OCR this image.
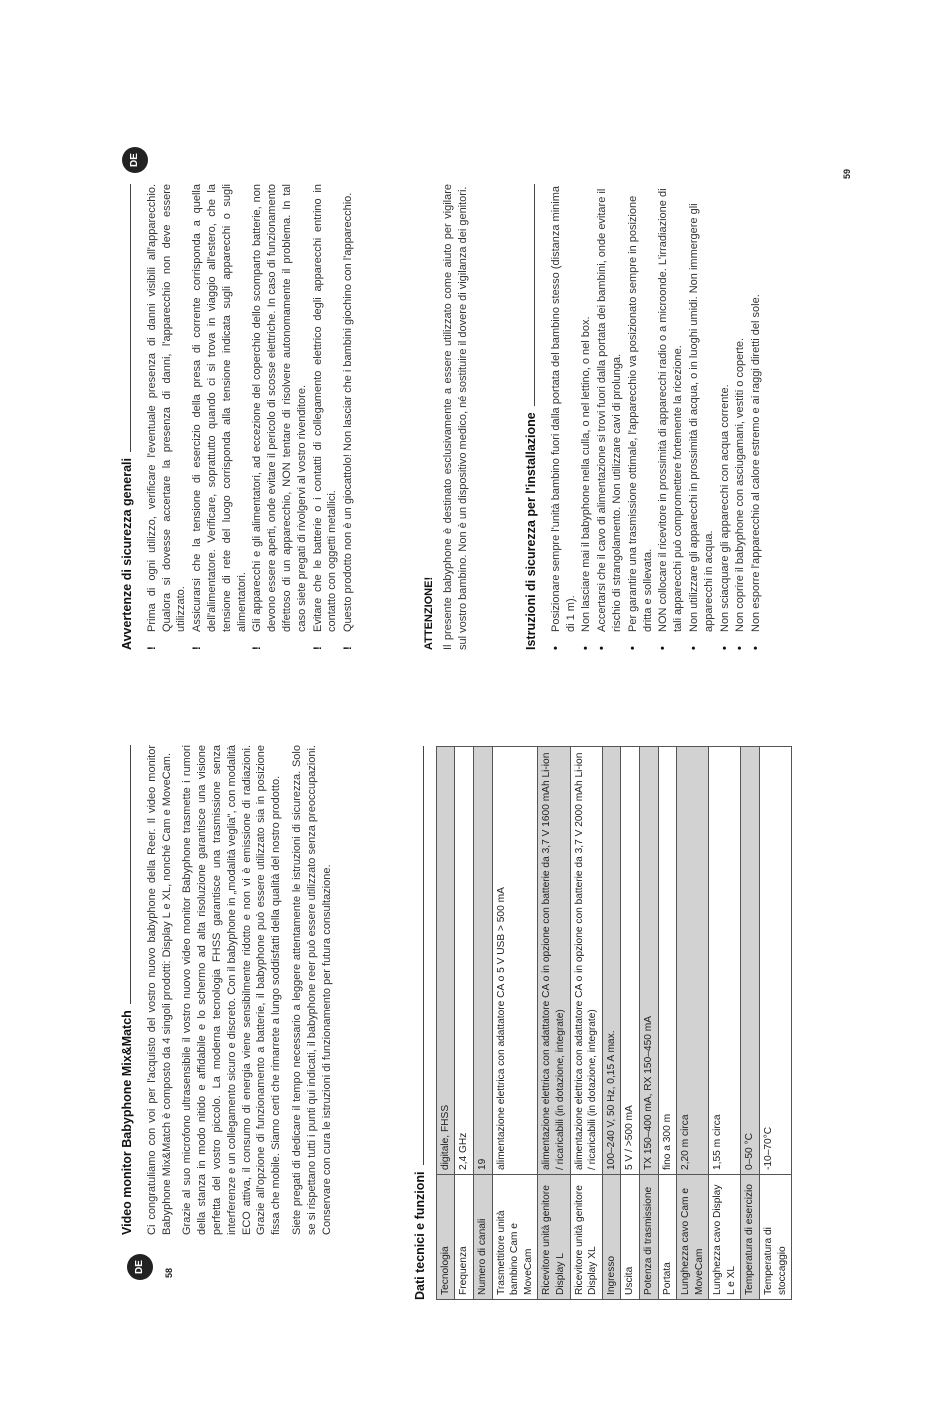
DE	58
Video monitor Babyphone Mix&Match Ci congratuliamo con voi per l'acquisto del vostro nuovo babyphone della Reer. Il video monitor Babyphone Mix&Match è composto da 4 singoli prodotti: Display L e XL, nonché Cam e MoveCam. Grazie al suo microfono ultrasensibile il vostro nuovo video monitor Babyphone trasmette i rumori della stanza in modo nitido e affidabile e lo schermo ad alta risoluzione garantisce una visione perfetta del vostro piccolo. La moderna tecnologia FHSS garantisce una trasmissione senza interferenze e un collegamento sicuro e discreto. Con il babyphone in „modalità veglia", con modalità ECO attiva, il consumo di energia viene sensibilmente ridotto e non vi è emissione di radiazioni. Grazie all'opzione di funzionamento a batterie, il babyphone può essere utilizzato sia in posizione fissa che mobile. Siamo certi che rimarrete a lungo soddisfatti della qualità del nostro prodotto. Siete pregati di dedicare il tempo necessario a leggere attentamente le istruzioni di sicurezza. Solo se si rispettano tutti i punti qui indicati, il babyphone reer può essere utilizzato senza preoccupazioni. Conservare con cura le istruzioni di funzionamento per futura consultazione.

Dati tecnici e funzioni Tecnologia	digitale, FHSS
Frequenza	2,4 GHz
Numero di canali	19
Trasmettitore unità bambino Cam e MoveCam	alimentazione elettrica con adattatore CA o 5 V USB > 500 mA
Ricevitore unità genitore Display L	alimentazione elettrica con adattatore CA o in opzione con batterie da 3,7 V 1600 mAh Li-ion / ricaricabili (in dotazione, integrate)
Ricevitore unità genitore Display XL	alimentazione elettrica con adattatore CA o in opzione con batterie da 3,7 V 2000 mAh Li-ion / ricaricabili (in dotazione, integrate)
Ingresso	100–240 V, 50 Hz, 0,15 A max.
Uscita	5 V / >500 mA
Potenza di trasmissione	TX 150–400 mA, RX 150–450 mA
Portata	fino a 300 m
Lunghezza cavo Cam e MoveCam	2,20 m circa
Lunghezza cavo Display L e XL	1,55 m circa
Temperatura di esercizio	0–50 °C
Temperatura di stoccaggio	-10–70°C
DE
59
Avvertenze di sicurezza generali !
Prima di ogni utilizzo, verificare l'eventuale presenza di danni visibili all'apparecchio. Qualora si dovesse accertare la presenza di danni, l'apparecchio non deve essere utilizzato.
!
Assicurarsi che la tensione di esercizio della presa di corrente corrisponda a quella dell'alimentatore. Verificare, soprattutto quando ci si trova in viaggio all'estero, che la tensione di rete del luogo corrisponda alla tensione indicata sugli apparecchi o sugli alimentatori.
!
Gli apparecchi e gli alimentatori, ad eccezione del coperchio dello scomparto batterie, non devono essere aperti, onde evitare il pericolo di scosse elettriche. In caso di funzionamento difettoso di un apparecchio, NON tentare di risolvere autonomamente il problema. In tal caso siete pregati di rivolgervi al vostro rivenditore.
!
Evitare che le batterie o i contatti di collegamento elettrico degli apparecchi entrino in contatto con oggetti metallici.
!
Questo prodotto non è un giocattolo! Non lasciar che i bambini giochino con l'apparecchio.	ATTENZIONE! Il presente babyphone è destinato esclusivamente a essere utilizzato come aiuto per vigilare sul vostro bambino. Non è un dispositivo medico, né sostituire il dovere di vigilanza dei genitori.	Istruzioni di sicurezza per l'installazione •
Posizionare sempre l'unità bambino fuori dalla portata del bambino stesso (distanza minima di 1 m).
•
Non lasciare mai il babyphone nella culla, o nel lettino, o nel box.
•
Accertarsi che il cavo di alimentazione si trovi fuori dalla portata dei bambini, onde evitare il rischio di strangolamento. Non utilizzare cavi di prolunga.
•
Per garantire una trasmissione ottimale, l'apparecchio va posizionato sempre in posizione dritta e sollevata.
•
NON collocare il ricevitore in prossimità di apparecchi radio o a microonde. L'irradiazione di tali apparecchi può compromettere fortemente la ricezione.
•
Non utilizzare gli apparecchi in prossimità di acqua, o in luoghi umidi. Non immergere gli apparecchi in acqua.
•
Non sciacquare gli apparecchi con acqua corrente.
•
Non coprire il babyphone con asciugamani, vestiti o coperte.
•
Non esporre l'apparecchio al calore estremo e ai raggi diretti del sole.
